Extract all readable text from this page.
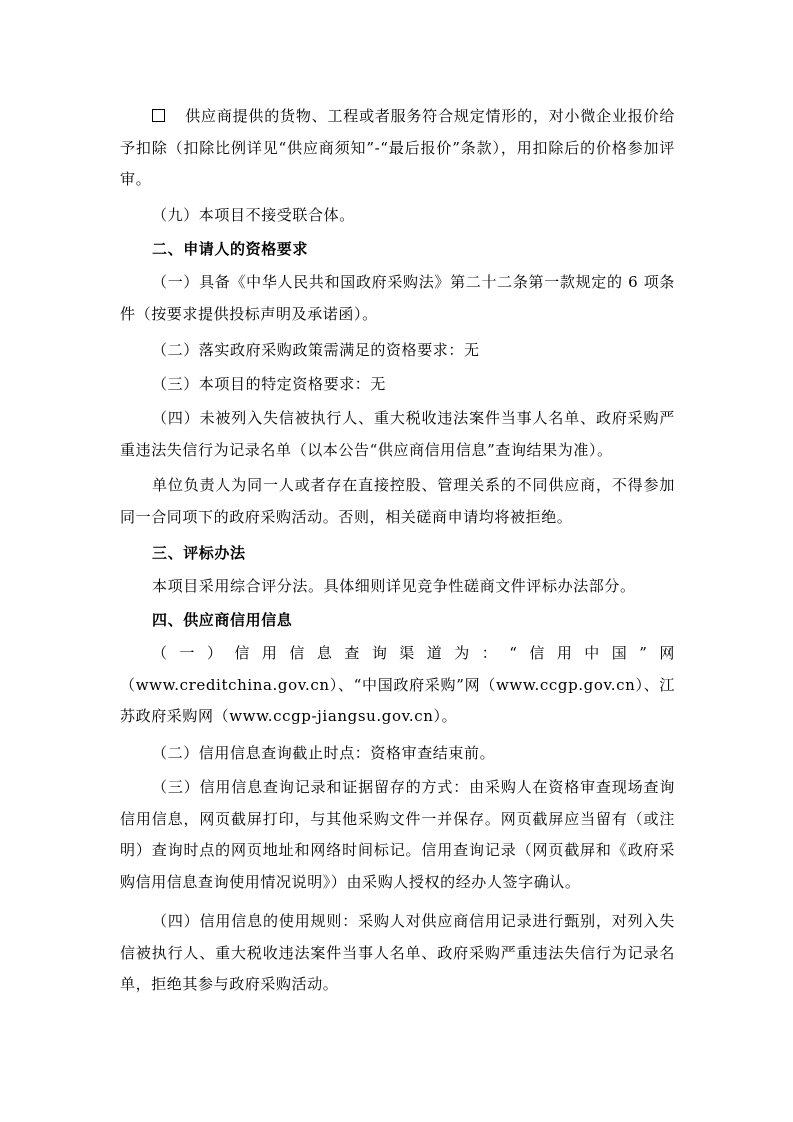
供应商提供的货物、工程或者服务符合规定情形的，对小微企业报价给予扣除（扣除比例详见“供应商须知”-“最后报价”条款），用扣除后的价格参加评审。

（九）本项目不接受联合体。

二、申请人的资格要求

（一）具备《中华人民共和国政府采购法》第二十二条第一款规定的 6 项条件（按要求提供投标声明及承诺函）。

（二）落实政府采购政策需满足的资格要求：无

（三）本项目的特定资格要求：无

（四）未被列入失信被执行人、重大税收违法案件当事人名单、政府采购严重违法失信行为记录名单（以本公告“供应商信用信息”查询结果为准）。

单位负责人为同一人或者存在直接控股、管理关系的不同供应商，不得参加同一合同项下的政府采购活动。否则，相关磋商申请均将被拒绝。

三、评标办法

本项目采用综合评分法。具体细则详见竞争性磋商文件评标办法部分。

四、供应商信用信息

（一）信用信息查询渠道为：“信用中国”网（www.creditchina.gov.cn）、“中国政府采购”网（www.ccgp.gov.cn）、江苏政府采购网（www.ccgp-jiangsu.gov.cn）。

（二）信用信息查询截止时点：资格审查结束前。

（三）信用信息查询记录和证据留存的方式：由采购人在资格审查现场查询信用信息，网页截屏打印，与其他采购文件一并保存。网页截屏应当留有（或注明）查询时点的网页地址和网络时间标记。信用查询记录（网页截屏和《政府采购信用信息查询使用情况说明》）由采购人授权的经办人签字确认。

（四）信用信息的使用规则：采购人对供应商信用记录进行甄别，对列入失信被执行人、重大税收违法案件当事人名单、政府采购严重违法失信行为记录名单，拒绝其参与政府采购活动。
